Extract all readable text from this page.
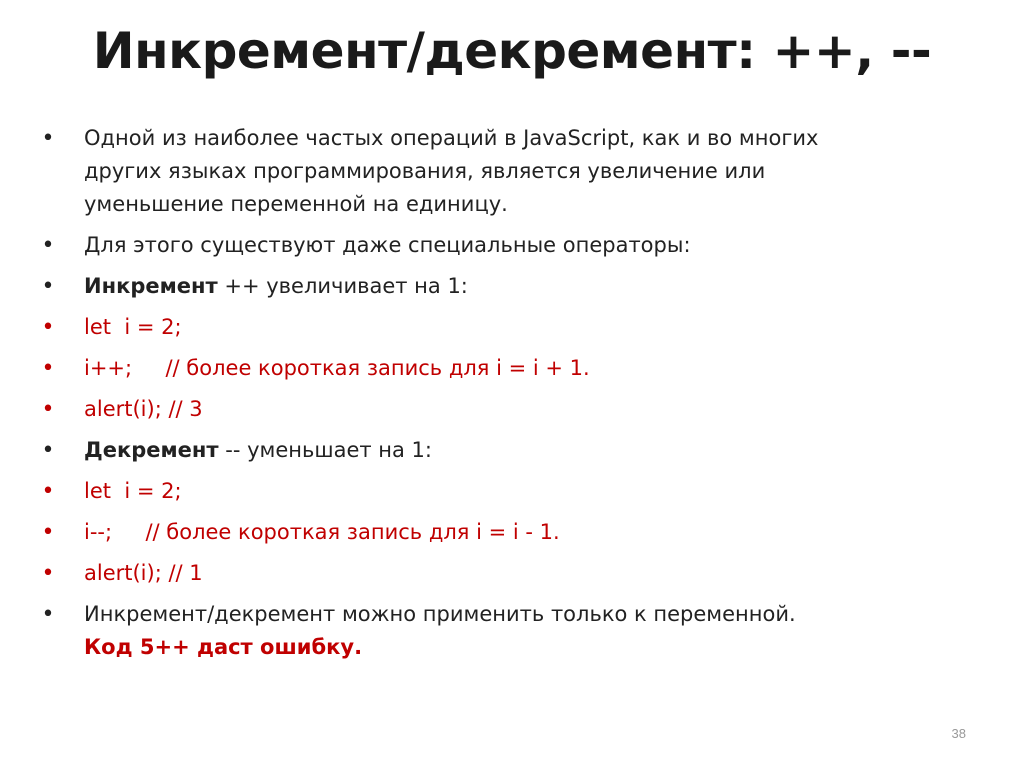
Инкремент/декремент: ++, --
• Одной из наиболее частых операций в JavaScript, как и во многих других языках программирования, является увеличение или уменьшение переменной на единицу.
• Для этого существуют даже специальные операторы:
• Инкремент ++ увеличивает на 1:
• let  i = 2;
• i++;     // более короткая запись для i = i + 1.
• alert(i); // 3
• Декремент -- уменьшает на 1:
• let  i = 2;
• i--;     // более короткая запись для i = i - 1.
• alert(i); // 1
• Инкремент/декремент можно применить только к переменной.
Код 5++ даст ошибку.
38
